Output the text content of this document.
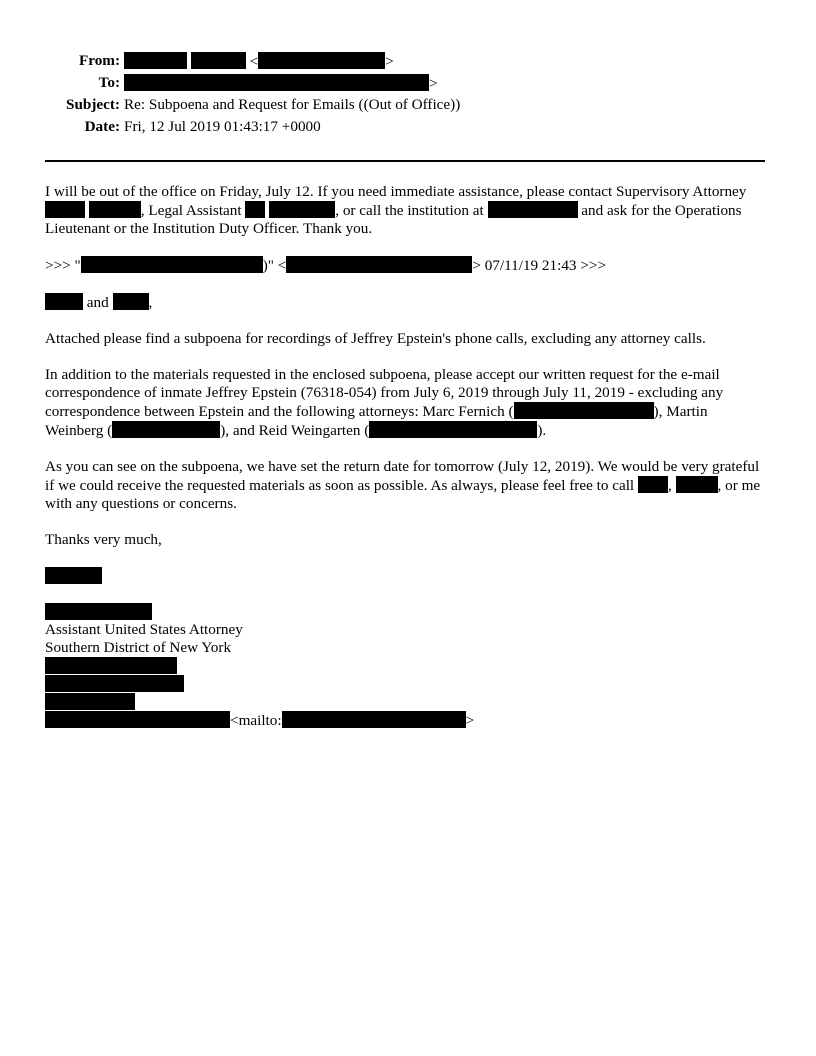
From:	<	>
To:	>
Subject: Re: Subpoena and Request for Emails ((Out of Office))
Date: Fri, 12 Jul 2019 01:43:17 +0000

I will be out of the office on Friday, July 12. If you need immediate assistance, please contact Supervisory Attorney  , Legal Assistant	, or call the institution at	and ask for the Operations Lieutenant or the Institution Duty Officer. Thank you.

>>> "	)" <	> 07/11/19 21:43 >>>

and	,

Attached please find a subpoena for recordings of Jeffrey Epstein's phone calls, excluding any attorney calls.

In addition to the materials requested in the enclosed subpoena, please accept our written request for the e-mail correspondence of inmate Jeffrey Epstein (76318-054) from July 6, 2019 through July 11, 2019 - excluding any correspondence between Epstein and the following attorneys: Marc Fernich (	), Martin Weinberg (	), and Reid Weingarten (	).

As you can see on the subpoena, we have set the return date for tomorrow (July 12, 2019). We would be very grateful if we could receive the requested materials as soon as possible. As always, please feel free to call ,	, or me with any questions or concerns.

Thanks very much,

Assistant United States Attorney
Southern District of New York
<mailto:	>
